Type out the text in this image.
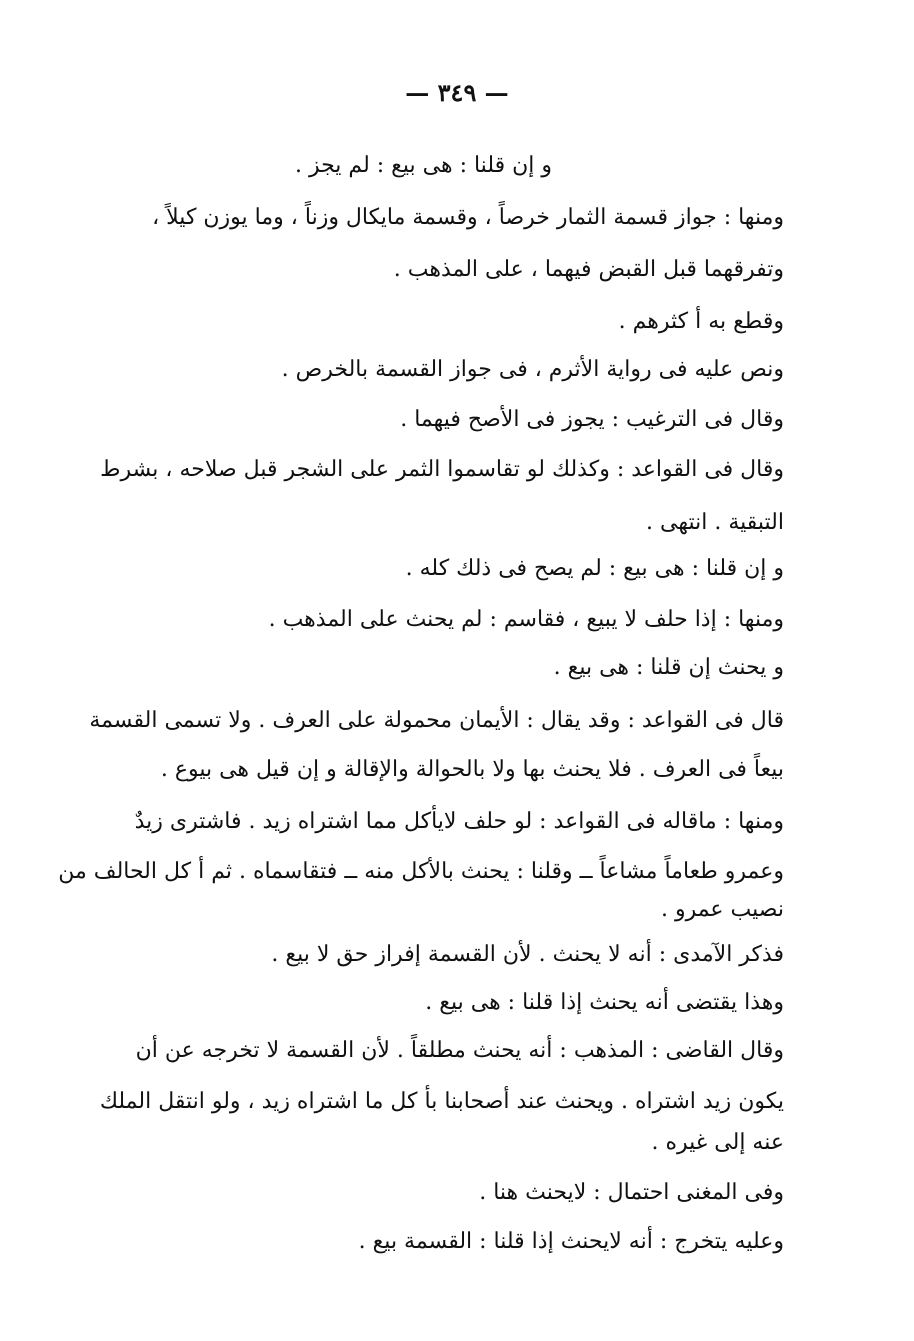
— ٣٤٩ —
و إن قلنا : هى بيع : لم يجز .
ومنها : جواز قسمة الثمار خرصاً ، وقسمة مايكال وزناً ، وما يوزن كيلاً ،
وتفرقهما قبل القبض فيهما ، على المذهب .
وقطع به أ كثرهم .
ونص عليه فى رواية الأثرم ، فى جواز القسمة بالخرص .
وقال فى الترغيب : يجوز فى الأصح فيهما .
وقال فى القواعد : وكذلك لو تقاسموا الثمر على الشجر قبل صلاحه ، بشرط
التبقية . انتهى .
و إن قلنا : هى بيع : لم يصح فى ذلك كله .
ومنها : إذا حلف لا يبيع ، فقاسم : لم يحنث على المذهب .
و يحنث إن قلنا : هى بيع .
قال فى القواعد : وقد يقال : الأيمان محمولة على العرف . ولا تسمى القسمة
بيعاً فى العرف . فلا يحنث بها ولا بالحوالة والإقالة و إن قيل هى بيوع .
ومنها : ماقاله فى القواعد : لو حلف لايأكل مما اشتراه زيد . فاشترى زيدٌ
وعمرو طعاماً مشاعاً ــ وقلنا : يحنث بالأكل منه ــ فتقاسماه . ثم أ كل الحالف من
نصيب عمرو .
فذكر الآمدى : أنه لا يحنث . لأن القسمة إفراز حق لا بيع .
وهذا يقتضى أنه يحنث إذا قلنا : هى بيع .
وقال القاضى : المذهب : أنه يحنث مطلقاً . لأن القسمة لا تخرجه عن أن
يكون زيد اشتراه . ويحنث عند أصحابنا بأ كل ما اشتراه زيد ، ولو انتقل الملك
عنه إلى غيره .
وفى المغنى احتمال : لايحنث هنا .
وعليه يتخرج : أنه لايحنث إذا قلنا : القسمة بيع .
